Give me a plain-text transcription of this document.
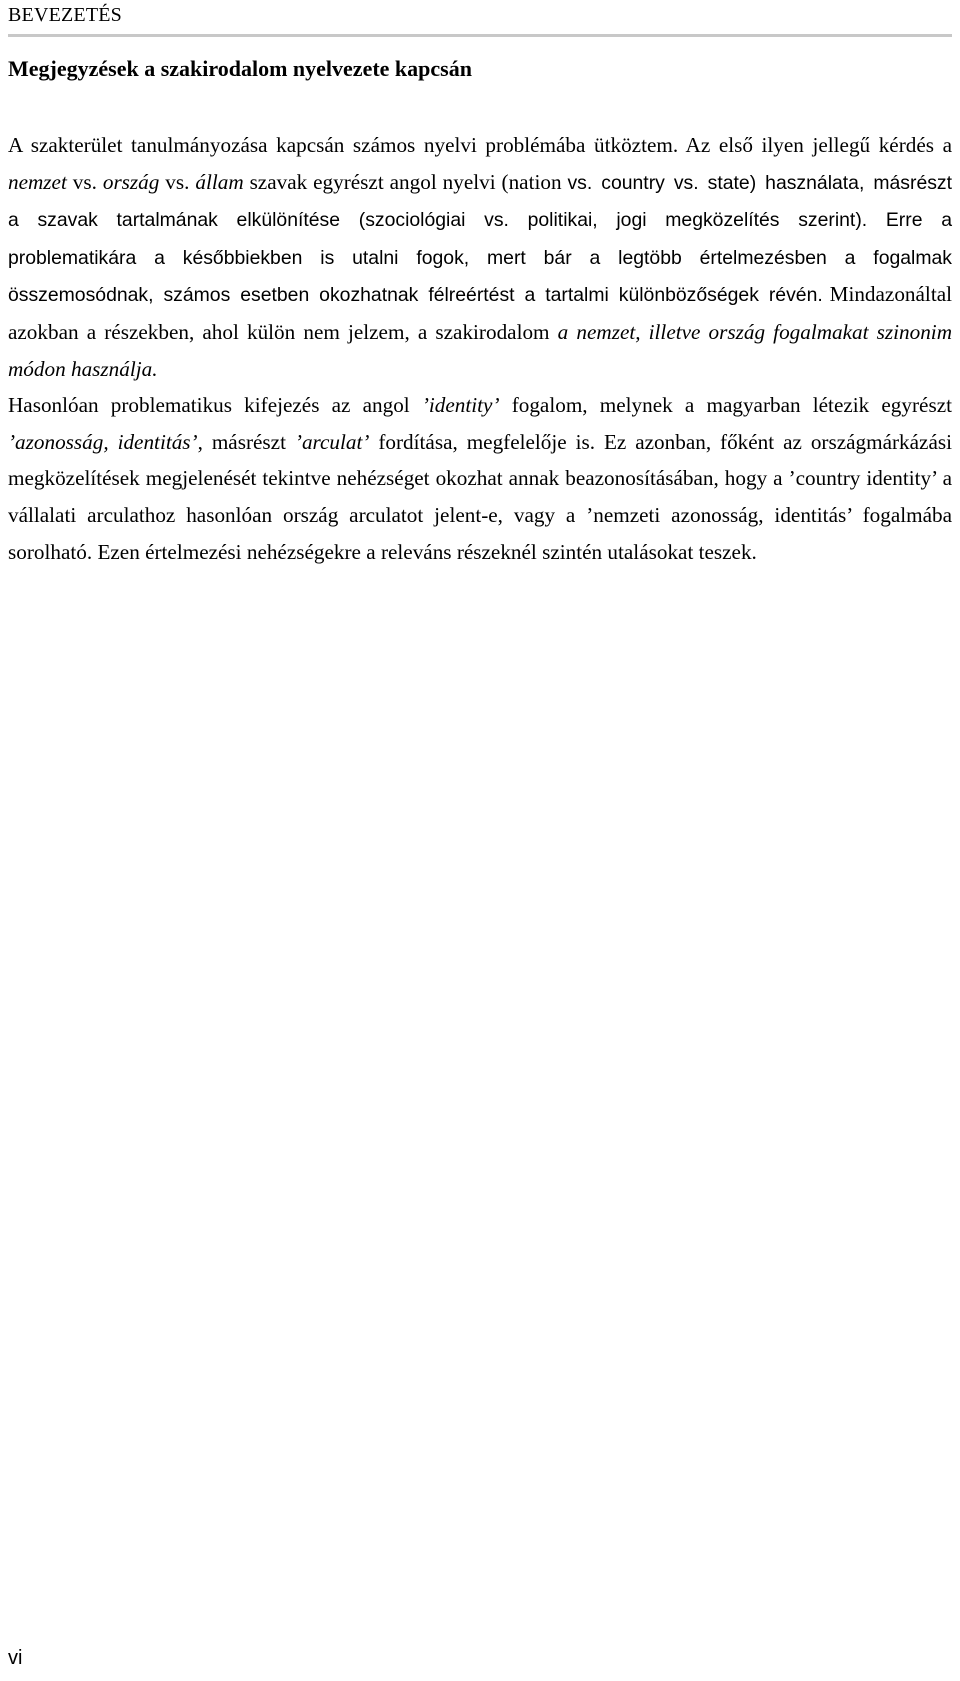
BEVEZETÉS
Megjegyzések a szakirodalom nyelvezete kapcsán

A szakterület tanulmányozása kapcsán számos nyelvi problémába ütköztem. Az első ilyen jellegű kérdés a nemzet vs. ország vs. állam szavak egyrészt angol nyelvi (nation vs. country vs. state) használata, másrészt a szavak tartalmának elkülönítése (szociológiai vs. politikai, jogi megközelítés szerint). Erre a problematikára a későbbiekben is utalni fogok, mert bár a legtöbb értelmezésben a fogalmak összemosódnak, számos esetben okozhatnak félreértést a tartalmi különbözőségek révén. Mindazonáltal azokban a részekben, ahol külön nem jelzem, a szakirodalom a nemzet, illetve ország fogalmakat szinonim módon használja.

Hasonlóan problematikus kifejezés az angol ’identity’ fogalom, melynek a magyarban létezik egyrészt ’azonosság, identitás’, másrészt ’arculat’ fordítása, megfelelője is. Ez azonban, főként az országmárkázási megközelítések megjelenését tekintve nehézséget okozhat annak beazonosításában, hogy a ’country identity’ a vállalati arculathoz hasonlóan ország arculatot jelent-e, vagy a ’nemzeti azonosság, identitás’ fogalmába sorolható. Ezen értelmezési nehézségekre a releváns részeknél szintén utalásokat teszek.

vi
